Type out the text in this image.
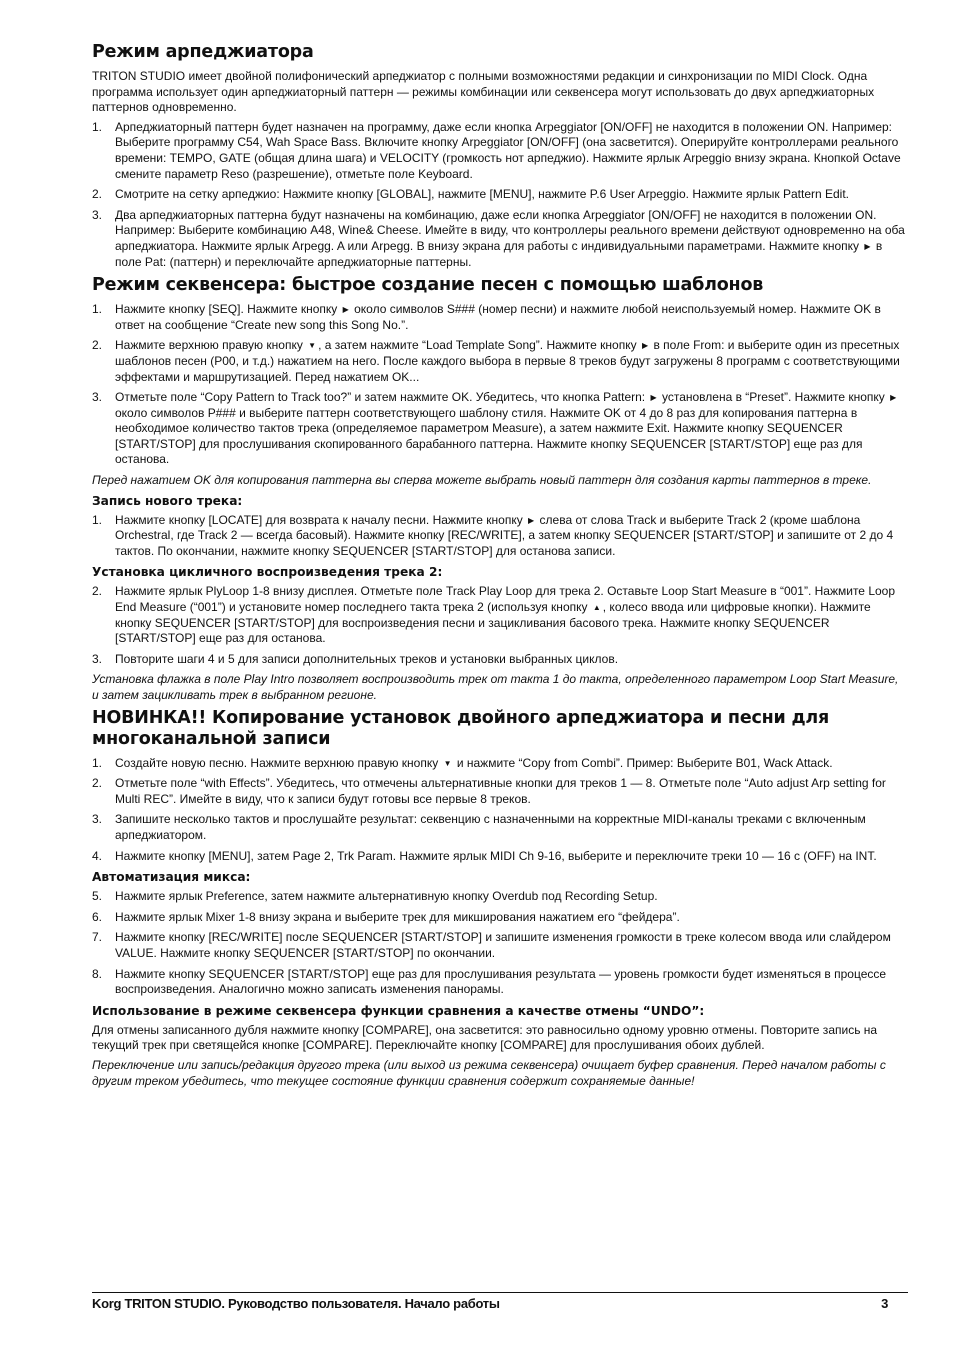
Режим арпеджиатора

TRITON STUDIO имеет двойной полифонический арпеджиатор с полными возможностями редакции и синхронизации по MIDI Clock. Одна программа использует один арпеджиаторный паттерн — режимы комбинации или секвенсера могут использовать до двух арпеджиаторных паттернов одновременно.

1. Арпеджиаторный паттерн будет назначен на программу, даже если кнопка Arpeggiator [ON/OFF] не находится в положении ON. Например: Выберите программу C54, Wah Space Bass. Включите кнопку Arpeggiator [ON/OFF] (она засветится). Оперируйте контроллерами реального времени: TEMPO, GATE (общая длина шага) и VELOCITY (громкость нот арпеджио). Нажмите ярлык Arpeggio внизу экрана. Кнопкой Octave смените параметр Reso (разрешение), отметьте поле Keyboard.
2. Смотрите на сетку арпеджио: Нажмите кнопку [GLOBAL], нажмите [MENU], нажмите P.6 User Arpeggio. Нажмите ярлык Pattern Edit.
3. Два арпеджиаторных паттерна будут назначены на комбинацию, даже если кнопка Arpeggiator [ON/OFF] не находится в положении ON. Например: Выберите комбинацию A48, Wine& Cheese. Имейте в виду, что контроллеры реального времени действуют одновременно на оба арпеджиатора. Нажмите ярлык Arpegg. A или Arpegg. B внизу экрана для работы с индивидуальными параметрами. Нажмите кнопку ▶ в поле Pat: (паттерн) и переключайте арпеджиаторные паттерны.
Режим секвенсера: быстрое создание песен с помощью шаблонов
1. Нажмите кнопку [SEQ]. Нажмите кнопку ▶ около символов S### (номер песни) и нажмите любой неиспользуемый номер. Нажмите OK в ответ на сообщение “Create new song this Song No.”.
2. Нажмите верхнюю правую кнопку ▼ , а затем нажмите “Load Template Song”. Нажмите кнопку ▶ в поле From: и выберите один из пресетных шаблонов песен (P00, и т.д.) нажатием на него. После каждого выбора в первые 8 треков будут загружены 8 программ с соответствующими эффектами и маршрутизацией. Перед нажатием OK...
3. Отметьте поле “Copy Pattern to Track too?” и затем нажмите OK. Убедитесь, что кнопка Pattern: ▶ установлена в “Preset”. Нажмите кнопку ▶ около символов P### и выберите паттерн соответствующего шаблону стиля. Нажмите OK от 4 до 8 раз для копирования паттерна в необходимое количество тактов трека (определяемое параметром Measure), а затем нажмите Exit. Нажмите кнопку SEQUENCER [START/STOP] для прослушивания скопированного барабанного паттерна. Нажмите кнопку SEQUENCER [START/STOP] еще раз для останова.

Перед нажатием OK для копирования паттерна вы сперва можете выбрать новый паттерн для создания карты паттернов в треке.

Запись нового трека:
1. Нажмите кнопку [LOCATE] для возврата к началу песни. Нажмите кнопку ▶ слева от слова Track и выберите Track 2 (кроме шаблона Orchestral, где Track 2 — всегда басовый). Нажмите кнопку [REC/WRITE], а затем кнопку SEQUENCER [START/STOP] и запишите от 2 до 4 тактов. По окончании, нажмите кнопку SEQUENCER [START/STOP] для останова записи.
Установка цикличного воспроизведения трека 2:
2. Нажмите ярлык PlyLoop 1-8 внизу дисплея. Отметьте поле Track Play Loop для трека 2. Оставьте Loop Start Measure в “001”. Нажмите Loop End Measure (“001”) и установите номер последнего такта трека 2 (используя кнопку ▲ , колесо ввода или цифровые кнопки). Нажмите кнопку SEQUENCER [START/STOP] для воспроизведения песни и зацикливания басового трека. Нажмите кнопку SEQUENCER [START/STOP] еще раз для останова.
3. Повторите шаги 4 и 5 для записи дополнительных треков и установки выбранных циклов.

Установка флажка в поле Play Intro позволяет воспроизводить трек от такта 1 до такта, определенного параметром Loop Start Measure, и затем зацикливать трек в выбранном регионе.

НОВИНКА!! Копирование установок двойного арпеджиатора и песни для многоканальной записи
1. Создайте новую песню. Нажмите верхнюю правую кнопку ▼ и нажмите “Copy from Combi”. Пример: Выберите B01, Wack Attack.
2. Отметьте поле “with Effects”. Убедитесь, что отмечены альтернативные кнопки для треков 1 — 8. Отметьте поле “Auto adjust Arp setting for Multi REC”. Имейте в виду, что к записи будут готовы все первые 8 треков.
3. Запишите несколько тактов и прослушайте результат: секвенцию с назначенными на корректные MIDI-каналы треками с включенным арпеджиатором.
4. Нажмите кнопку [MENU], затем Page 2, Trk Param. Нажмите ярлык MIDI Ch 9-16, выберите и переключите треки 10 — 16 с (OFF) на INT.
Автоматизация микса:
5. Нажмите ярлык Preference, затем нажмите альтернативную кнопку Overdub под Recording Setup.
6. Нажмите ярлык Mixer 1-8 внизу экрана и выберите трек для микширования нажатием его “фейдера”.
7. Нажмите кнопку [REC/WRITE] после SEQUENCER [START/STOP] и запишите изменения громкости в треке колесом ввода или слайдером VALUE. Нажмите кнопку SEQUENCER [START/STOP] по окончании.
8. Нажмите кнопку SEQUENCER [START/STOP] еще раз для прослушивания результата — уровень громкости будет изменяться в процессе воспроизведения. Аналогично можно записать изменения панорамы.
Использование в режиме секвенсера функции сравнения а качестве отмены “UNDO”:

Для отмены записанного дубля нажмите кнопку [COMPARE], она засветится: это равносильно одному уровню отмены. Повторите запись на текущий трек при светящейся кнопке [COMPARE]. Переключайте кнопку [COMPARE] для прослушивания обоих дублей.

Переключение или запись/редакция другого трека (или выход из режима секвенсера) очищает буфер сравнения. Перед началом работы с другим треком убедитесь, что текущее состояние функции сравнения содержит сохраняемые данные!

Korg TRITON STUDIO. Руководство пользователя. Начало работы	3
